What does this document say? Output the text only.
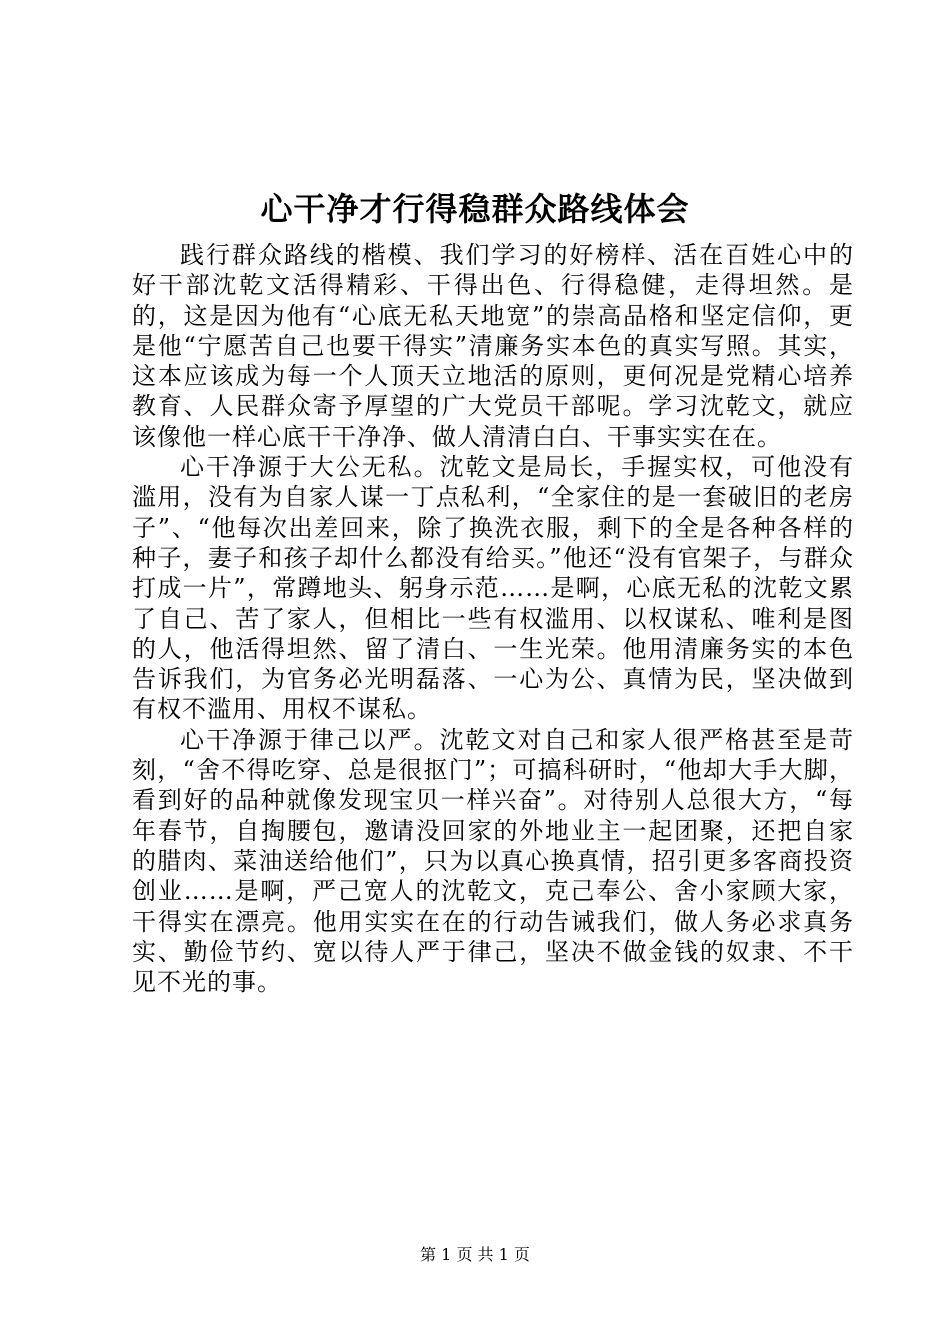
心干净才行得稳群众路线体会

践行群众路线的楷模、我们学习的好榜样、活在百姓心中的好干部沈乾文活得精彩、干得出色、行得稳健，走得坦然。是的，这是因为他有“心底无私天地宽”的崇高品格和坚定信仰，更是他“宁愿苦自己也要干得实”清廉务实本色的真实写照。其实，这本应该成为每一个人顶天立地活的原则，更何况是党精心培养教育、人民群众寄予厚望的广大党员干部呢。学习沈乾文，就应该像他一样心底干干净净、做人清清白白、干事实实在在。

心干净源于大公无私。沈乾文是局长，手握实权，可他没有滥用，没有为自家人谋一丁点私利，“全家住的是一套破旧的老房子”、“他每次出差回来，除了换洗衣服，剩下的全是各种各样的种子，妻子和孩子却什么都没有给买。”他还“没有官架子，与群众打成一片”，常蹲地头、躬身示范……是啊，心底无私的沈乾文累了自己、苦了家人，但相比一些有权滥用、以权谋私、唯利是图的人，他活得坦然、留了清白、一生光荣。他用清廉务实的本色告诉我们，为官务必光明磊落、一心为公、真情为民，坚决做到有权不滥用、用权不谋私。

心干净源于律己以严。沈乾文对自己和家人很严格甚至是苛刻，“舍不得吃穿、总是很抠门”；可搞科研时，“他却大手大脚，看到好的品种就像发现宝贝一样兴奋”。对待别人总很大方，“每年春节，自掏腰包，邀请没回家的外地业主一起团聚，还把自家的腊肉、菜油送给他们”，只为以真心换真情，招引更多客商投资创业……是啊，严己宽人的沈乾文，克己奉公、舍小家顾大家，干得实在漂亮。他用实实在在的行动告诫我们，做人务必求真务实、勤俭节约、宽以待人严于律己，坚决不做金钱的奴隶、不干见不光的事。

第 1 页 共 1 页
